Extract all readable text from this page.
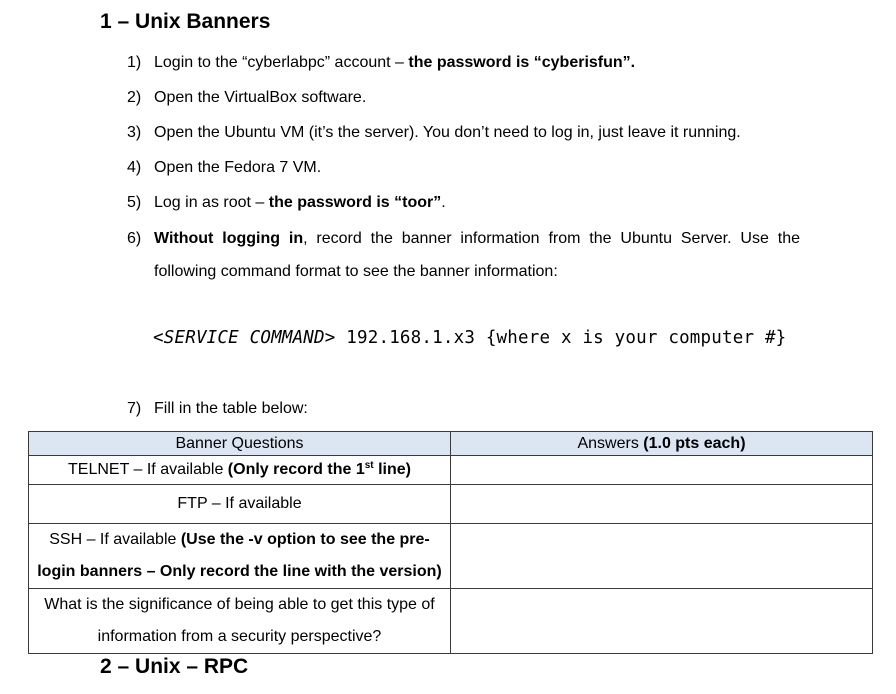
1 – Unix Banners
1) Login to the “cyberlabpc” account – the password is “cyberisfun”.
2) Open the VirtualBox software.
3) Open the Ubuntu VM (it’s the server). You don’t need to log in, just leave it running.
4) Open the Fedora 7 VM.
5) Log in as root – the password is “toor”.
6) Without logging in, record the banner information from the Ubuntu Server. Use the following command format to see the banner information:
<SERVICE COMMAND> 192.168.1.x3 {where x is your computer #}
7) Fill in the table below:
Banner Questions	Answers (1.0 pts each)
TELNET – If available (Only record the 1st line)	
FTP – If available	
SSH – If available (Use the -v option to see the pre-login banners – Only record the line with the version)	
What is the significance of being able to get this type of information from a security perspective?	
2 – Unix – RPC
